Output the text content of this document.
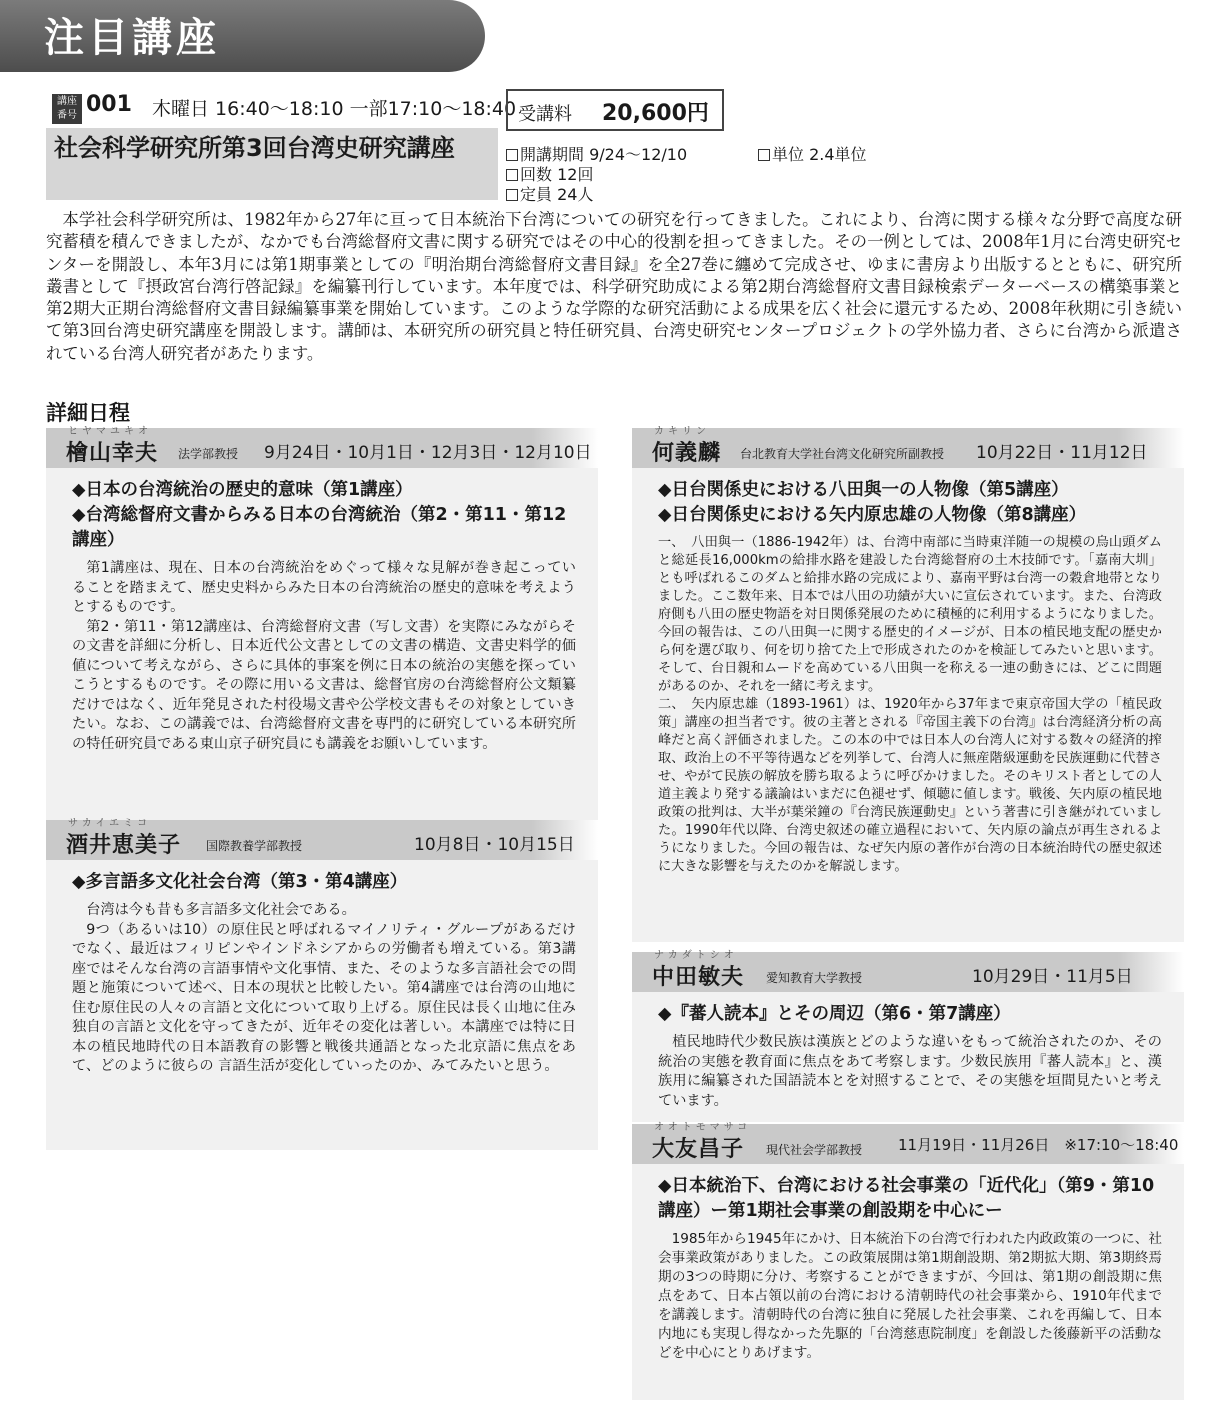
注目講座
講座
番号 001 木曜日 16:40〜18:10 一部17:10〜18:40 受講料 20,600円
社会科学研究所第3回台湾史研究講座	開講期間 9/24〜12/10	単位 2.4単位
回数 12回
定員 24人
本学社会科学研究所は、1982年から27年に亘って日本統治下台湾についての研究を行ってきました。これにより、台湾に関する様々な分野で高度な研究蓄積を積んできましたが、なかでも台湾総督府文書に関する研究ではその中心的役割を担ってきました。その一例としては、2008年1月に台湾史研究センターを開設し、本年3月には第1期事業としての『明治期台湾総督府文書目録』を全27巻に纏めて完成させ、ゆまに書房より出版するとともに、研究所叢書として『摂政宮台湾行啓記録』を編纂刊行しています。本年度では、科学研究助成による第2期台湾総督府文書目録検索データーベースの構築事業と第2期大正期台湾総督府文書目録編纂事業を開始しています。このような学際的な研究活動による成果を広く社会に還元するため、2008年秋期に引き続いて第3回台湾史研究講座を開設します。講師は、本研究所の研究員と特任研究員、台湾史研究センタープロジェクトの学外協力者、さらに台湾から派遣されている台湾人研究者があたります。
詳細日程
ヒヤマユキオ
檜山幸夫 法学部教授 9月24日・10月1日・12月3日・12月10日
◆日本の台湾統治の歴史的意味（第1講座）
◆台湾総督府文書からみる日本の台湾統治（第2・第11・第12講座）

第1講座は、現在、日本の台湾統治をめぐって様々な見解が巻き起こっていることを踏まえて、歴史史料からみた日本の台湾統治の歴史的意味を考えようとするものです。

第2・第11・第12講座は、台湾総督府文書（写し文書）を実際にみながらその文書を詳細に分析し、日本近代公文書としての文書の構造、文書史料学的価値について考えながら、さらに具体的事案を例に日本の統治の実態を探っていこうとするものです。その際に用いる文書は、総督官房の台湾総督府公文類纂だけではなく、近年発見された村役場文書や公学校文書もその対象としていきたい。なお、この講義では、台湾総督府文書を専門的に研究している本研究所の特任研究員である東山京子研究員にも講義をお願いしています。

サカイエミコ
酒井恵美子 国際教養学部教授	10月8日・10月15日
◆多言語多文化社会台湾（第3・第4講座）

台湾は今も昔も多言語多文化社会である。

9つ（あるいは10）の原住民と呼ばれるマイノリティ・グループがあるだけでなく、最近はフィリピンやインドネシアからの労働者も増えている。第3講座ではそんな台湾の言語事情や文化事情、また、そのような多言語社会での問題と施策について述べ、日本の現状と比較したい。第4講座では台湾の山地に住む原住民の人々の言語と文化について取り上げる。原住民は長く山地に住み独自の言語と文化を守ってきたが、近年その変化は著しい。本講座では特に日本の植民地時代の日本語教育の影響と戦後共通語となった北京語に焦点をあて、どのように彼らの 言語生活が変化していったのか、みてみたいと思う。

カキリン
何義麟 台北教育大学社台湾文化研究所副教授 10月22日・11月12日
◆日台関係史における八田與一の人物像（第5講座）
◆日台関係史における矢内原忠雄の人物像（第8講座）

一、　八田與一（1886-1942年）は、台湾中南部に当時東洋随一の規模の烏山頭ダムと総延長16,000kmの給排水路を建設した台湾総督府の土木技師です。「嘉南大圳」とも呼ばれるこのダムと給排水路の完成により、嘉南平野は台湾一の穀倉地帯となりました。ここ数年来、日本では八田の功績が大いに宣伝されています。また、台湾政府側も八田の歴史物語を対日関係発展のために積極的に利用するようになりました。今回の報告は、この八田與一に関する歴史的イメージが、日本の植民地支配の歴史から何を選び取り、何を切り捨てた上で形成されたのかを検証してみたいと思います。そして、台日親和ムードを高めている八田與一を称える一連の動きには、どこに問題があるのか、それを一緒に考えます。

二、　矢内原忠雄（1893-1961）は、1920年から37年まで東京帝国大学の「植民政策」講座の担当者です。彼の主著とされる『帝国主義下の台湾』は台湾経済分析の高峰だと高く評価されました。この本の中では日本人の台湾人に対する数々の経済的搾取、政治上の不平等待遇などを列挙して、台湾人に無産階級運動を民族運動に代替させ、やがて民族の解放を勝ち取るように呼びかけました。そのキリスト者としての人道主義より発する議論はいまだに色褪せず、傾聴に値します。戦後、矢内原の植民地政策の批判は、大半が葉栄鐘の『台湾民族運動史』という著書に引き継がれていました。1990年代以降、台湾史叙述の確立過程において、矢内原の論点が再生されるようになりました。今回の報告は、なぜ矢内原の著作が台湾の日本統治時代の歴史叙述に大きな影響を与えたのかを解説します。

ナカダトシオ
中田敏夫 愛知教育大学教授	10月29日・11月5日
◆『蕃人読本』とその周辺（第6・第7講座）

植民地時代少数民族は漢族とどのような違いをもって統治されたのか、その統治の実態を教育面に焦点をあて考察します。少数民族用『蕃人読本』と、漢族用に編纂された国語読本とを対照することで、その実態を垣間見たいと考えています。

オオトモマサコ
大友昌子 現代社会学部教授 11月19日・11月26日　※17:10〜18:40
◆日本統治下、台湾における社会事業の「近代化」（第9・第10講座）ー第1期社会事業の創設期を中心にー

1985年から1945年にかけ、日本統治下の台湾で行われた内政政策の一つに、社会事業政策がありました。この政策展開は第1期創設期、第2期拡大期、第3期終焉期の3つの時期に分け、考察することができますが、今回は、第1期の創設期に焦点をあて、日本占領以前の台湾における清朝時代の社会事業から、1910年代までを講義します。清朝時代の台湾に独自に発展した社会事業、これを再編して、日本内地にも実現し得なかった先駆的「台湾慈恵院制度」を創設した後藤新平の活動などを中心にとりあげます。
